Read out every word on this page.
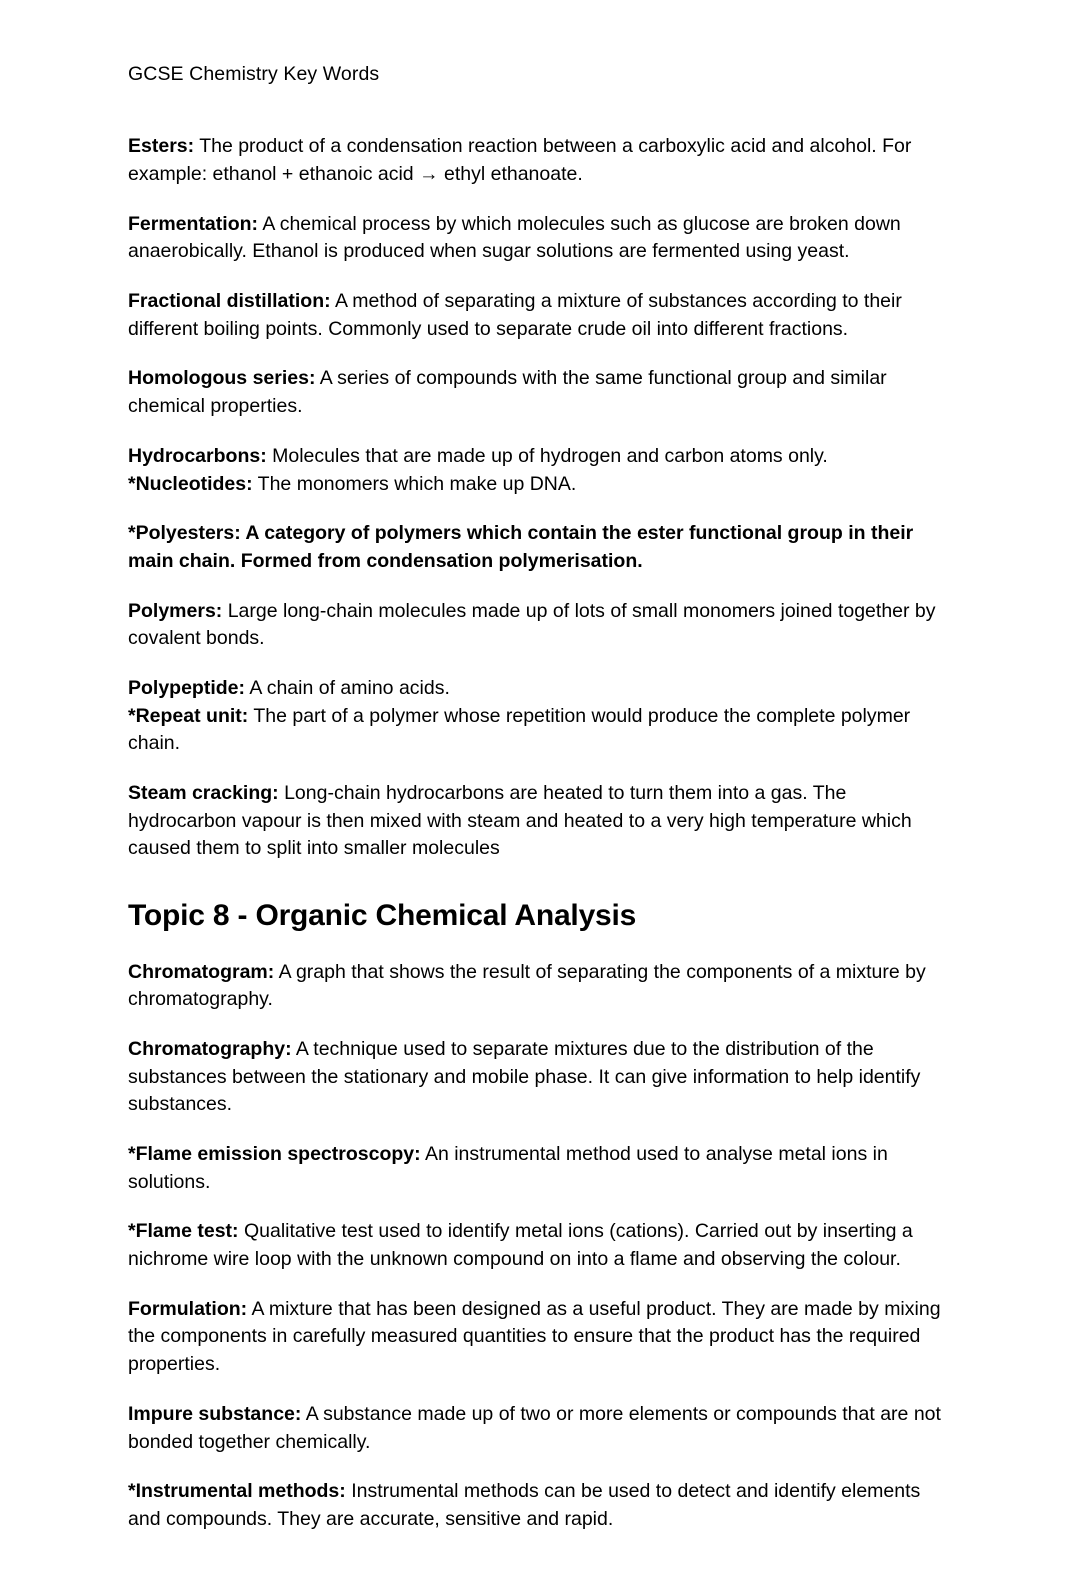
GCSE Chemistry Key Words

Esters: The product of a condensation reaction between a carboxylic acid and alcohol. For example: ethanol + ethanoic acid → ethyl ethanoate.

Fermentation: A chemical process by which molecules such as glucose are broken down anaerobically. Ethanol is produced when sugar solutions are fermented using yeast.

Fractional distillation: A method of separating a mixture of substances according to their different boiling points. Commonly used to separate crude oil into different fractions.

Homologous series: A series of compounds with the same functional group and similar chemical properties.

Hydrocarbons: Molecules that are made up of hydrogen and carbon atoms only.
*Nucleotides: The monomers which make up DNA.

*Polyesters: A category of polymers which contain the ester functional group in their main chain. Formed from condensation polymerisation.

Polymers: Large long-chain molecules made up of lots of small monomers joined together by covalent bonds.

Polypeptide: A chain of amino acids.
*Repeat unit: The part of a polymer whose repetition would produce the complete polymer chain.

Steam cracking: Long-chain hydrocarbons are heated to turn them into a gas. The hydrocarbon vapour is then mixed with steam and heated to a very high temperature which caused them to split into smaller molecules

Topic 8 - Organic Chemical Analysis

Chromatogram: A graph that shows the result of separating the components of a mixture by chromatography.

Chromatography: A technique used to separate mixtures due to the distribution of the substances between the stationary and mobile phase. It can give information to help identify substances.

*Flame emission spectroscopy: An instrumental method used to analyse metal ions in solutions.

*Flame test: Qualitative test used to identify metal ions (cations). Carried out by inserting a nichrome wire loop with the unknown compound on into a flame and observing the colour.

Formulation: A mixture that has been designed as a useful product. They are made by mixing the components in carefully measured quantities to ensure that the product has the required properties.

Impure substance: A substance made up of two or more elements or compounds that are not bonded together chemically.

*Instrumental methods: Instrumental methods can be used to detect and identify elements and compounds. They are accurate, sensitive and rapid.
